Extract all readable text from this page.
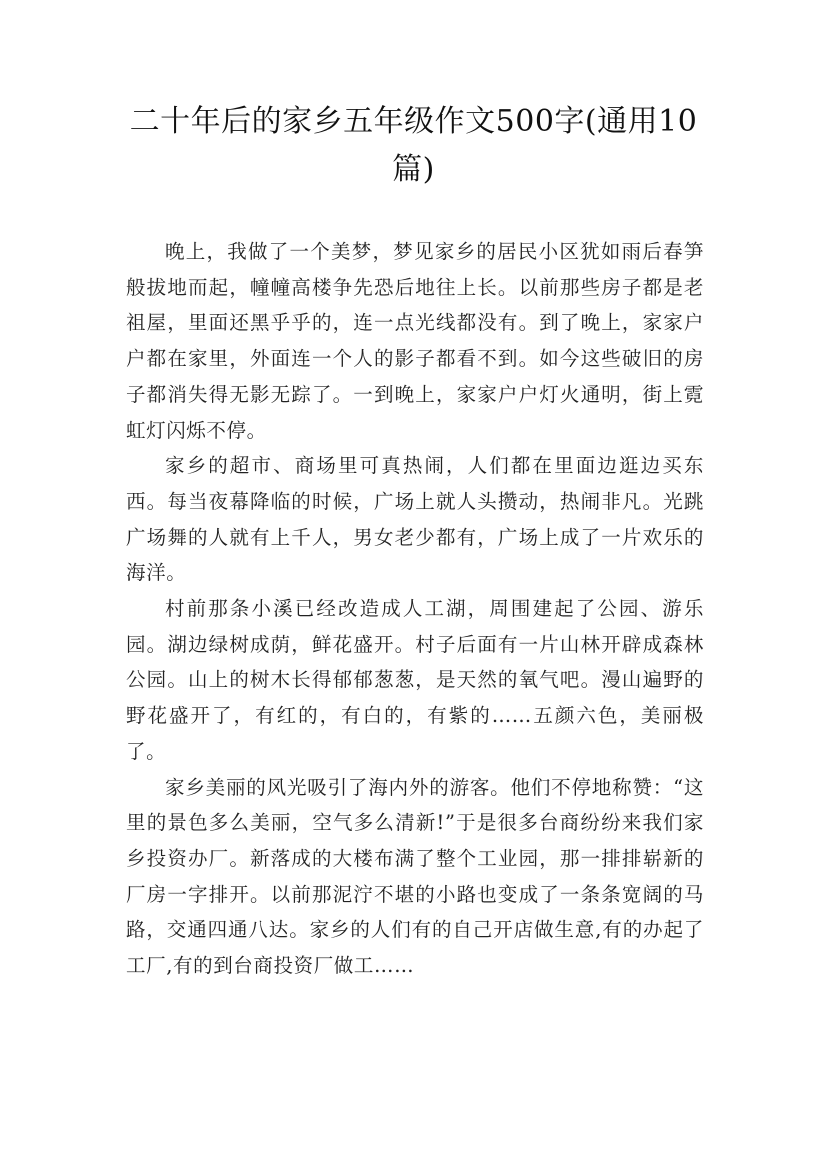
二十年后的家乡五年级作文500字(通用10篇)

晚上，我做了一个美梦，梦见家乡的居民小区犹如雨后春笋般拔地而起，幢幢高楼争先恐后地往上长。以前那些房子都是老祖屋，里面还黑乎乎的，连一点光线都没有。到了晚上，家家户户都在家里，外面连一个人的影子都看不到。如今这些破旧的房子都消失得无影无踪了。一到晚上，家家户户灯火通明，街上霓虹灯闪烁不停。

家乡的超市、商场里可真热闹，人们都在里面边逛边买东西。每当夜幕降临的时候，广场上就人头攒动，热闹非凡。光跳广场舞的人就有上千人，男女老少都有，广场上成了一片欢乐的海洋。

村前那条小溪已经改造成人工湖，周围建起了公园、游乐园。湖边绿树成荫，鲜花盛开。村子后面有一片山林开辟成森林公园。山上的树木长得郁郁葱葱，是天然的氧气吧。漫山遍野的野花盛开了，有红的，有白的，有紫的……五颜六色，美丽极了。

家乡美丽的风光吸引了海内外的游客。他们不停地称赞：“这里的景色多么美丽，空气多么清新!”于是很多台商纷纷来我们家乡投资办厂。新落成的大楼布满了整个工业园，那一排排崭新的厂房一字排开。以前那泥泞不堪的小路也变成了一条条宽阔的马路，交通四通八达。家乡的人们有的自己开店做生意,有的办起了工厂,有的到台商投资厂做工……
